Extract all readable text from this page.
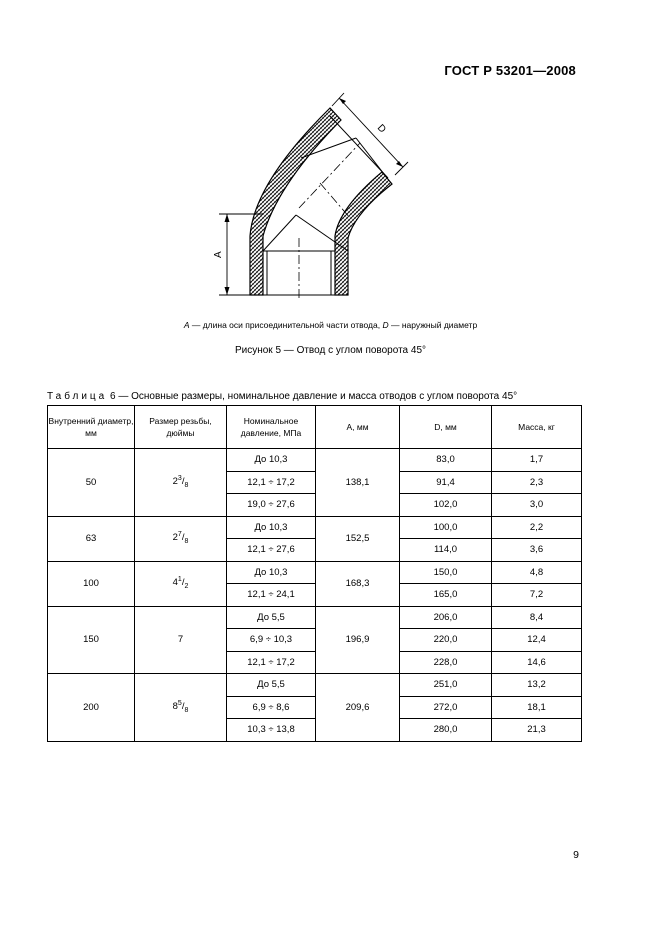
ГОСТ Р 53201—2008
D
A
A — длина оси присоединительной части отвода, D — наружный диаметр
Рисунок 5 — Отвод с углом поворота 45°
Таблица 6 — Основные размеры, номинальное давление и масса отводов с углом поворота 45°
Внутренний диаметр, мм	Размер резьбы, дюймы	Номинальное давление, МПа	A, мм	D, мм	Масса, кг
50	$2^3/_8$	До 10,3	138,1	83,0	1,7
		12,1 ÷ 17,2		91,4	2,3
		19,0 ÷ 27,6		102,0	3,0
63	$2^7/_8$	До 10,3	152,5	100,0	2,2
		12,1 ÷ 27,6		114,0	3,6
100	$4^1/_2$	До 10,3	168,3	150,0	4,8
		12,1 ÷ 24,1		165,0	7,2
150	7	До 5,5	196,9	206,0	8,4
		6,9 ÷ 10,3		220,0	12,4
		12,1 ÷ 17,2		228,0	14,6
200	$8^5/_8$	До 5,5	209,6	251,0	13,2
		6,9 ÷ 8,6		272,0	18,1
		10,3 ÷ 13,8		280,0	21,3
9
